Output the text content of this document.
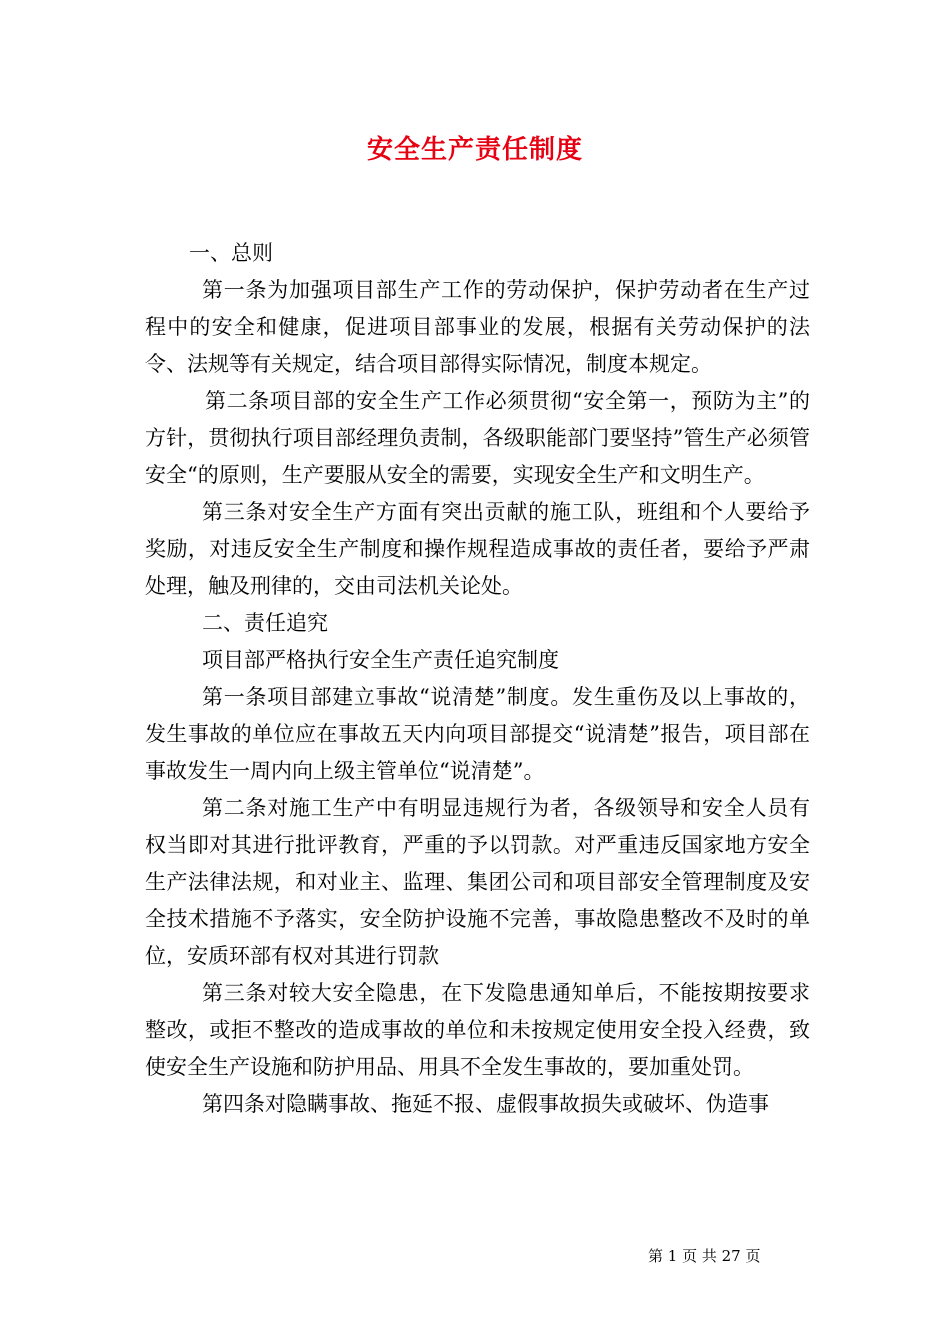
安全生产责任制度

一、总则

第一条为加强项目部生产工作的劳动保护，保护劳动者在生产过程中的安全和健康，促进项目部事业的发展，根据有关劳动保护的法令、法规等有关规定，结合项目部得实际情况，制度本规定。

第二条项目部的安全生产工作必须贯彻“安全第一，预防为主”的方针，贯彻执行项目部经理负责制，各级职能部门要坚持”管生产必须管安全“的原则，生产要服从安全的需要，实现安全生产和文明生产。

第三条对安全生产方面有突出贡献的施工队，班组和个人要给予奖励，对违反安全生产制度和操作规程造成事故的责任者，要给予严肃处理，触及刑律的，交由司法机关论处。

二、责任追究

项目部严格执行安全生产责任追究制度

第一条项目部建立事故“说清楚”制度。发生重伤及以上事故的，发生事故的单位应在事故五天内向项目部提交“说清楚”报告，项目部在事故发生一周内向上级主管单位“说清楚”。

第二条对施工生产中有明显违规行为者，各级领导和安全人员有权当即对其进行批评教育，严重的予以罚款。对严重违反国家地方安全生产法律法规，和对业主、监理、集团公司和项目部安全管理制度及安全技术措施不予落实，安全防护设施不完善，事故隐患整改不及时的单位，安质环部有权对其进行罚款

第三条对较大安全隐患，在下发隐患通知单后，不能按期按要求整改，或拒不整改的造成事故的单位和未按规定使用安全投入经费，致使安全生产设施和防护用品、用具不全发生事故的，要加重处罚。

第四条对隐瞒事故、拖延不报、虚假事故损失或破坏、伪造事

第 1 页 共 27 页
